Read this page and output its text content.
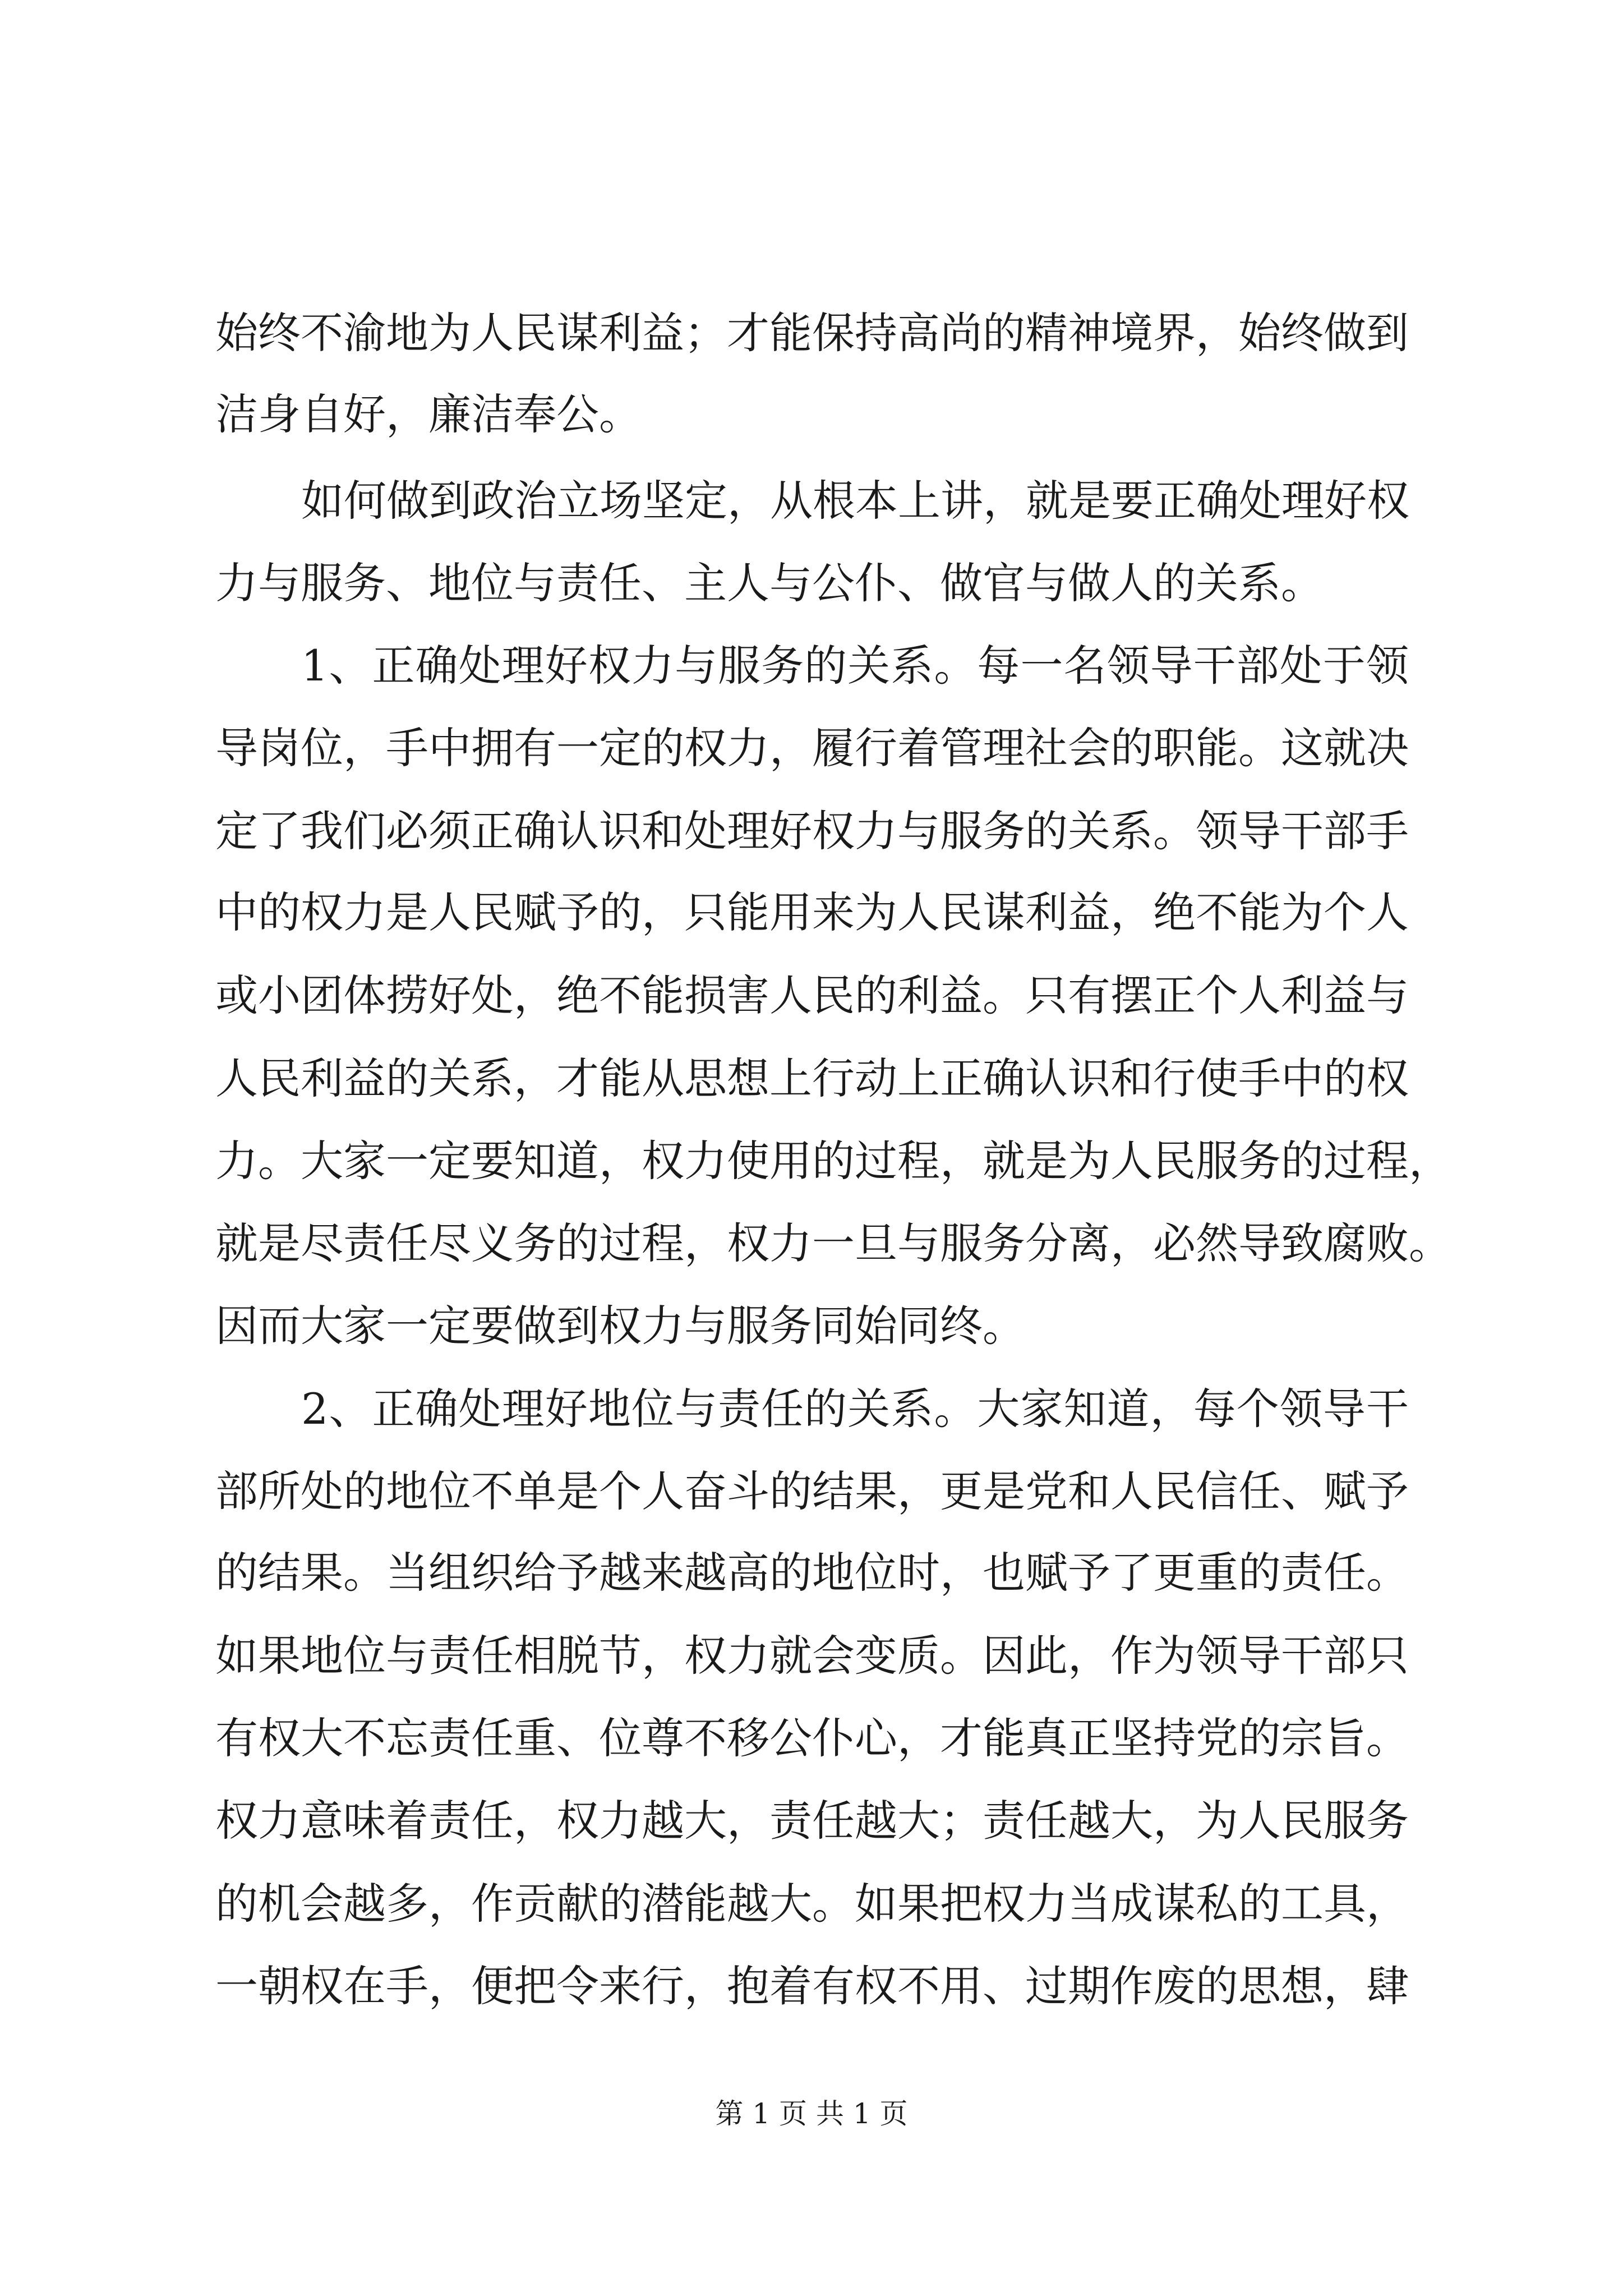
始终不渝地为人民谋利益；才能保持高尚的精神境界，始终做到
洁身自好，廉洁奉公。
如何做到政治立场坚定，从根本上讲，就是要正确处理好权
力与服务、地位与责任、主人与公仆、做官与做人的关系。
1、正确处理好权力与服务的关系。每一名领导干部处于领
导岗位，手中拥有一定的权力，履行着管理社会的职能。这就决
定了我们必须正确认识和处理好权力与服务的关系。领导干部手
中的权力是人民赋予的，只能用来为人民谋利益，绝不能为个人
或小团体捞好处，绝不能损害人民的利益。只有摆正个人利益与
人民利益的关系，才能从思想上行动上正确认识和行使手中的权
力。大家一定要知道，权力使用的过程，就是为人民服务的过程，
就是尽责任尽义务的过程，权力一旦与服务分离，必然导致腐败。
因而大家一定要做到权力与服务同始同终。
2、正确处理好地位与责任的关系。大家知道，每个领导干
部所处的地位不单是个人奋斗的结果，更是党和人民信任、赋予
的结果。当组织给予越来越高的地位时，也赋予了更重的责任。
如果地位与责任相脱节，权力就会变质。因此，作为领导干部只
有权大不忘责任重、位尊不移公仆心，才能真正坚持党的宗旨。
权力意味着责任，权力越大，责任越大；责任越大，为人民服务
的机会越多，作贡献的潜能越大。如果把权力当成谋私的工具，
一朝权在手，便把令来行，抱着有权不用、过期作废的思想，肆
第 1 页 共 1 页
